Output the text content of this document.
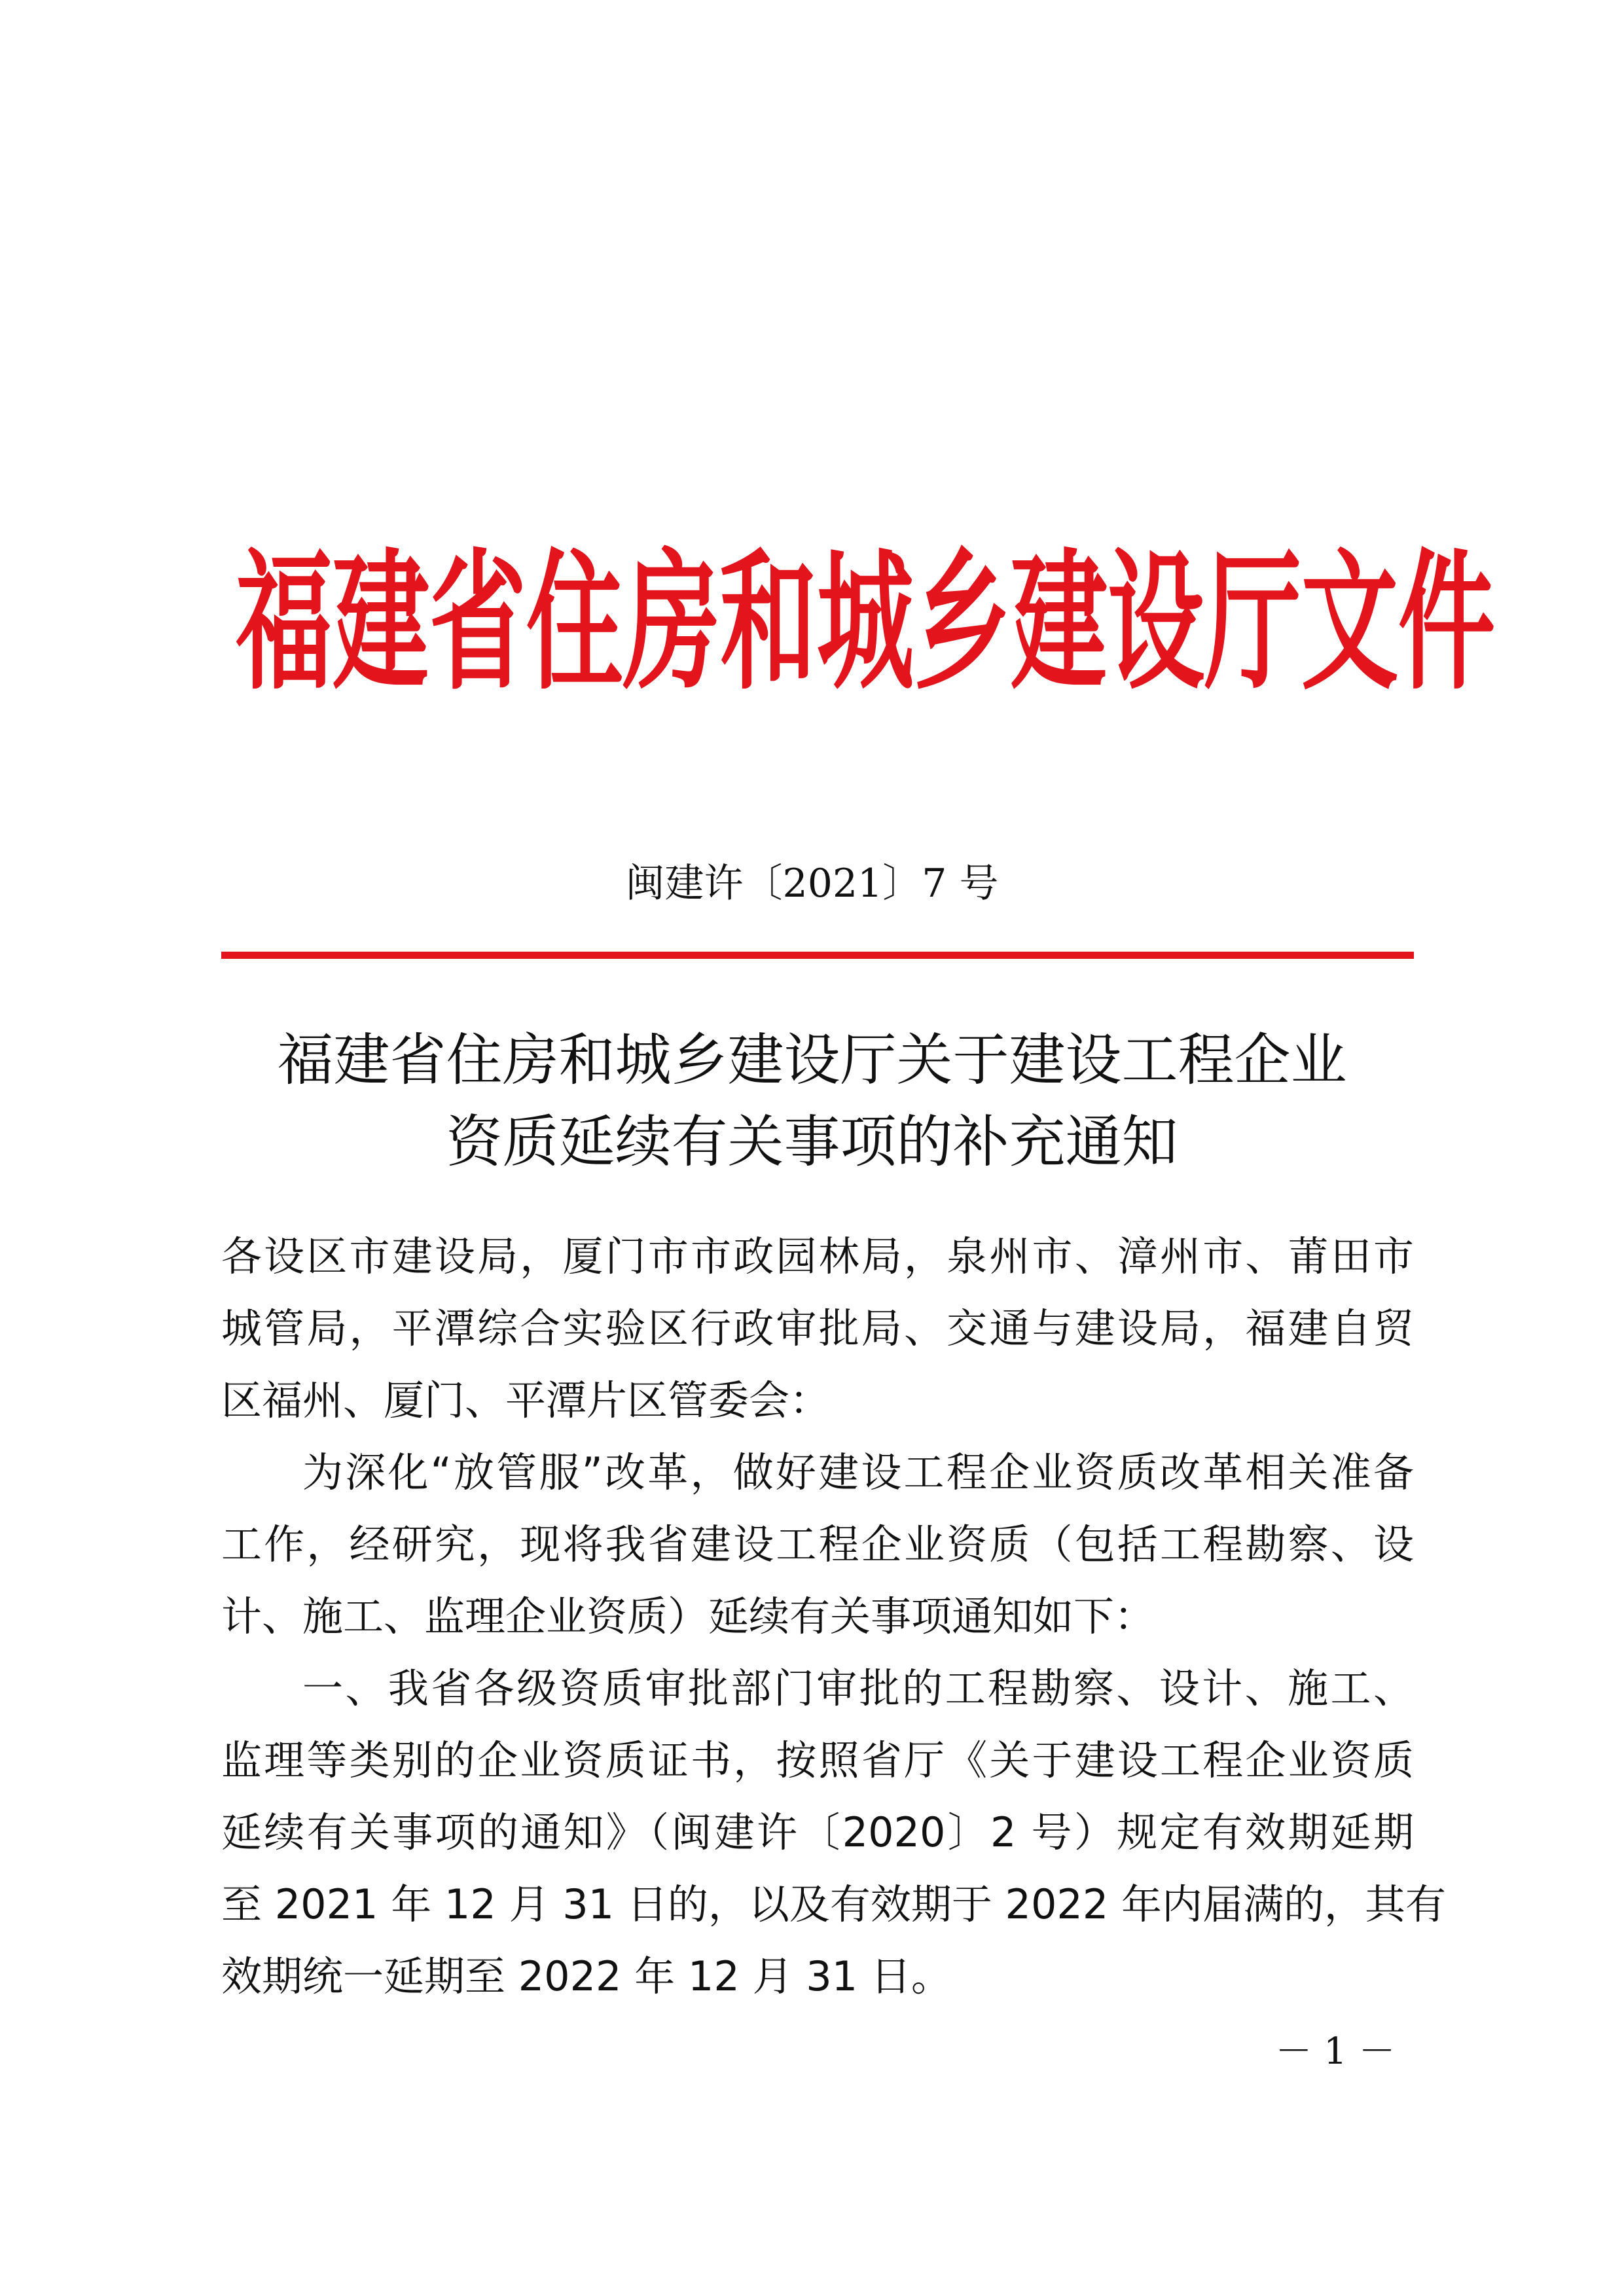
福建省住房和城乡建设厅文件
闽建许〔2021〕7 号
福建省住房和城乡建设厅关于建设工程企业
资质延续有关事项的补充通知
各设区市建设局，厦门市市政园林局，泉州市、漳州市、莆田市
城管局，平潭综合实验区行政审批局、交通与建设局，福建自贸
区福州、厦门、平潭片区管委会：
为深化“放管服”改革，做好建设工程企业资质改革相关准备
工作，经研究，现将我省建设工程企业资质（包括工程勘察、设
计、施工、监理企业资质）延续有关事项通知如下：
一、我省各级资质审批部门审批的工程勘察、设计、施工、
监理等类别的企业资质证书，按照省厅《关于建设工程企业资质
延续有关事项的通知》（闽建许〔2020〕2 号）规定有效期延期
至 2021 年 12 月 31 日的，以及有效期于 2022 年内届满的，其有
效期统一延期至 2022 年 12 月 31 日。
－ 1 －
